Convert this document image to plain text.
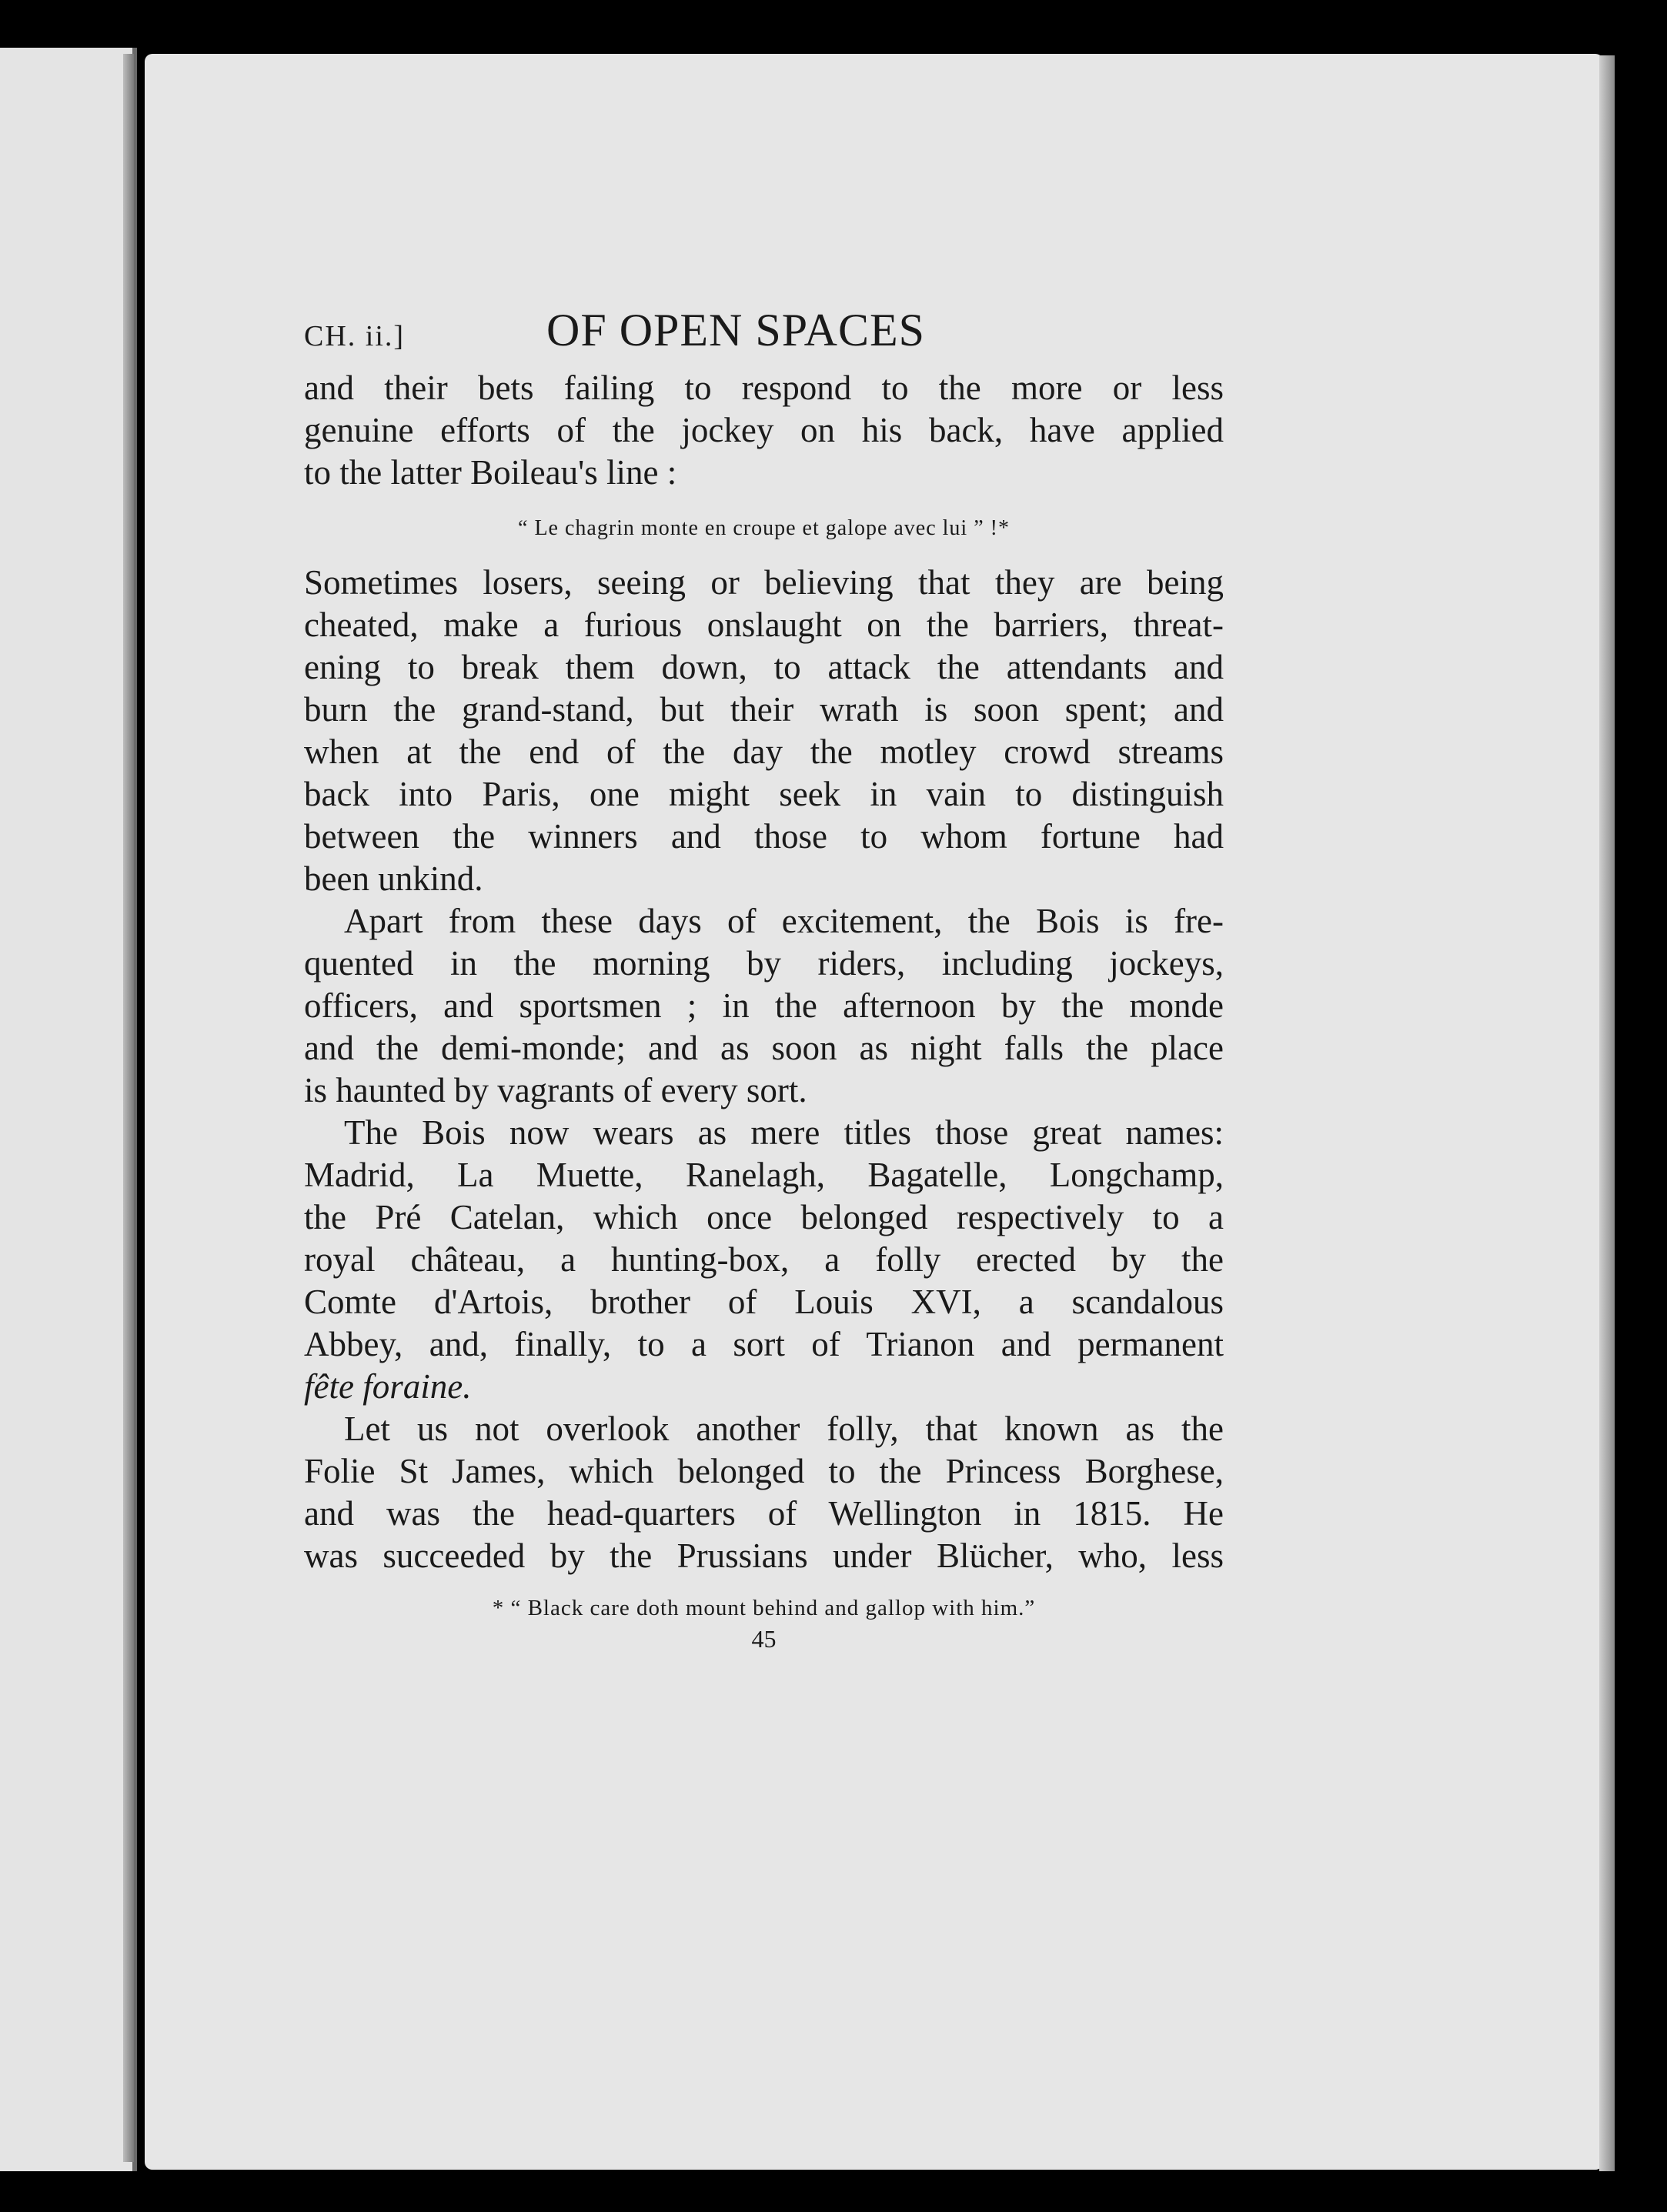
CH. ii.]	OF OPEN SPACES
and their bets failing to respond to the more or less
genuine efforts of the jockey on his back, have applied
to the latter Boileau's line :
“ Le chagrin monte en croupe et galope avec lui ” !*
Sometimes losers, seeing or believing that they are being
cheated, make a furious onslaught on the barriers, threat-
ening to break them down, to attack the attendants and
burn the grand-stand, but their wrath is soon spent; and
when at the end of the day the motley crowd streams
back into Paris, one might seek in vain to distinguish
between the winners and those to whom fortune had
been unkind.
Apart from these days of excitement, the Bois is fre-
quented in the morning by riders, including jockeys,
officers, and sportsmen ; in the afternoon by the monde
and the demi-monde; and as soon as night falls the place
is haunted by vagrants of every sort.
The Bois now wears as mere titles those great names:
Madrid, La Muette, Ranelagh, Bagatelle, Longchamp,
the Pré Catelan, which once belonged respectively to a
royal château, a hunting-box, a folly erected by the
Comte d'Artois, brother of Louis XVI, a scandalous
Abbey, and, finally, to a sort of Trianon and permanent
fête foraine.
Let us not overlook another folly, that known as the
Folie St James, which belonged to the Princess Borghese,
and was the head-quarters of Wellington in 1815. He
was succeeded by the Prussians under Blücher, who, less
* “ Black care doth mount behind and gallop with him.”
45
